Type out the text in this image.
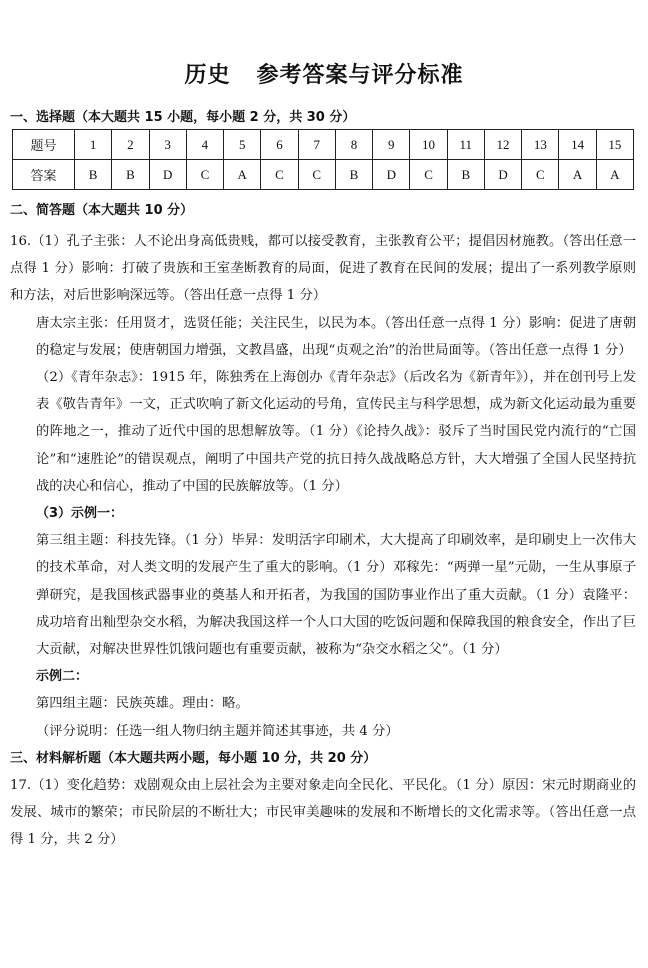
历史 参考答案与评分标准
一、选择题（本大题共 15 小题，每小题 2 分，共 30 分）
题号	1	2	3	4	5	6	7	8	9	10	11	12	13	14	15
答案	B	B	D	C	A	C	C	B	D	C	B	D	C	A	A
二、简答题（本大题共 10 分）

16.（1）孔子主张：人不论出身高低贵贱，都可以接受教育，主张教育公平；提倡因材施教。（答出任意一点得 1 分）影响：打破了贵族和王室垄断教育的局面，促进了教育在民间的发展；提出了一系列教学原则和方法，对后世影响深远等。（答出任意一点得 1 分）

唐太宗主张：任用贤才，选贤任能；关注民生，以民为本。（答出任意一点得 1 分）影响：促进了唐朝的稳定与发展；使唐朝国力增强，文教昌盛，出现“贞观之治”的治世局面等。（答出任意一点得 1 分）

（2）《青年杂志》：1915 年，陈独秀在上海创办《青年杂志》（后改名为《新青年》），并在创刊号上发表《敬告青年》一文，正式吹响了新文化运动的号角，宣传民主与科学思想，成为新文化运动最为重要的阵地之一，推动了近代中国的思想解放等。（1 分）《论持久战》：驳斥了当时国民党内流行的“亡国论”和“速胜论”的错误观点，阐明了中国共产党的抗日持久战战略总方针，大大增强了全国人民坚持抗战的决心和信心，推动了中国的民族解放等。（1 分）

（3）示例一：

第三组主题：科技先锋。（1 分）毕昇：发明活字印刷术，大大提高了印刷效率，是印刷史上一次伟大的技术革命，对人类文明的发展产生了重大的影响。（1 分）邓稼先：“两弹一星”元勋，一生从事原子弹研究，是我国核武器事业的奠基人和开拓者，为我国的国防事业作出了重大贡献。（1 分）袁隆平：成功培育出籼型杂交水稻，为解决我国这样一个人口大国的吃饭问题和保障我国的粮食安全，作出了巨大贡献，对解决世界性饥饿问题也有重要贡献，被称为“杂交水稻之父”。（1 分）

示例二：

第四组主题：民族英雄。理由：略。

（评分说明：任选一组人物归纳主题并简述其事迹，共 4 分）

三、材料解析题（本大题共两小题，每小题 10 分，共 20 分）

17.（1）变化趋势：戏剧观众由上层社会为主要对象走向全民化、平民化。（1 分）原因：宋元时期商业的发展、城市的繁荣；市民阶层的不断壮大；市民审美趣味的发展和不断增长的文化需求等。（答出任意一点得 1 分，共 2 分）
